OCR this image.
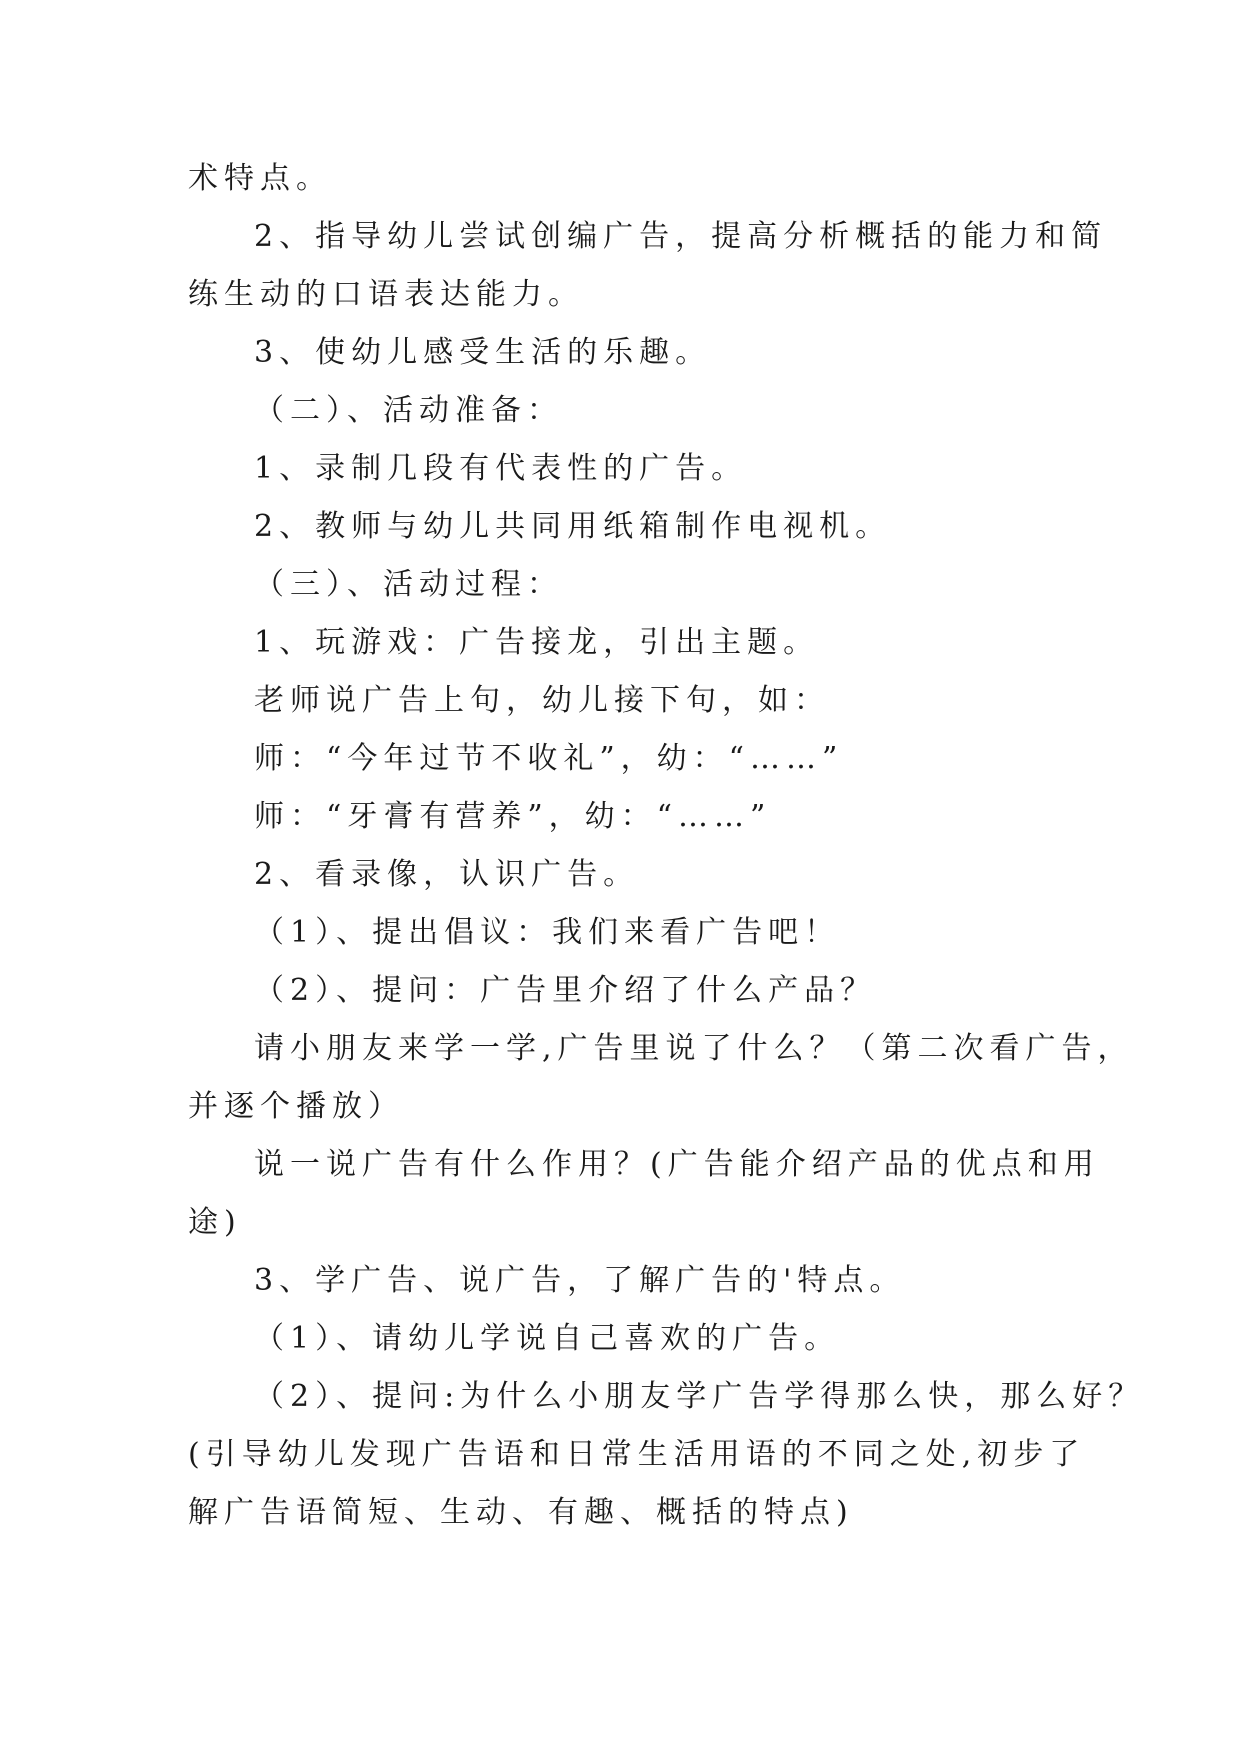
术特点。
2、指导幼儿尝试创编广告，提高分析概括的能力和简
练生动的口语表达能力。
3、使幼儿感受生活的乐趣。
（二）、活动准备：
1、录制几段有代表性的广告。
2、教师与幼儿共同用纸箱制作电视机。
（三）、活动过程：
1、玩游戏：广告接龙，引出主题。
老师说广告上句，幼儿接下句，如：
师：“今年过节不收礼”，幼：“……”
师：“牙膏有营养”，幼：“……”
2、看录像，认识广告。
（1）、提出倡议：我们来看广告吧！
（2）、提问：广告里介绍了什么产品？
请小朋友来学一学,广告里说了什么？（第二次看广告，
并逐个播放）
说一说广告有什么作用？(广告能介绍产品的优点和用
途)
3、学广告、说广告，了解广告的'特点。
（1）、请幼儿学说自己喜欢的广告。
（2）、提问:为什么小朋友学广告学得那么快，那么好？
(引导幼儿发现广告语和日常生活用语的不同之处,初步了
解广告语简短、生动、有趣、概括的特点)
